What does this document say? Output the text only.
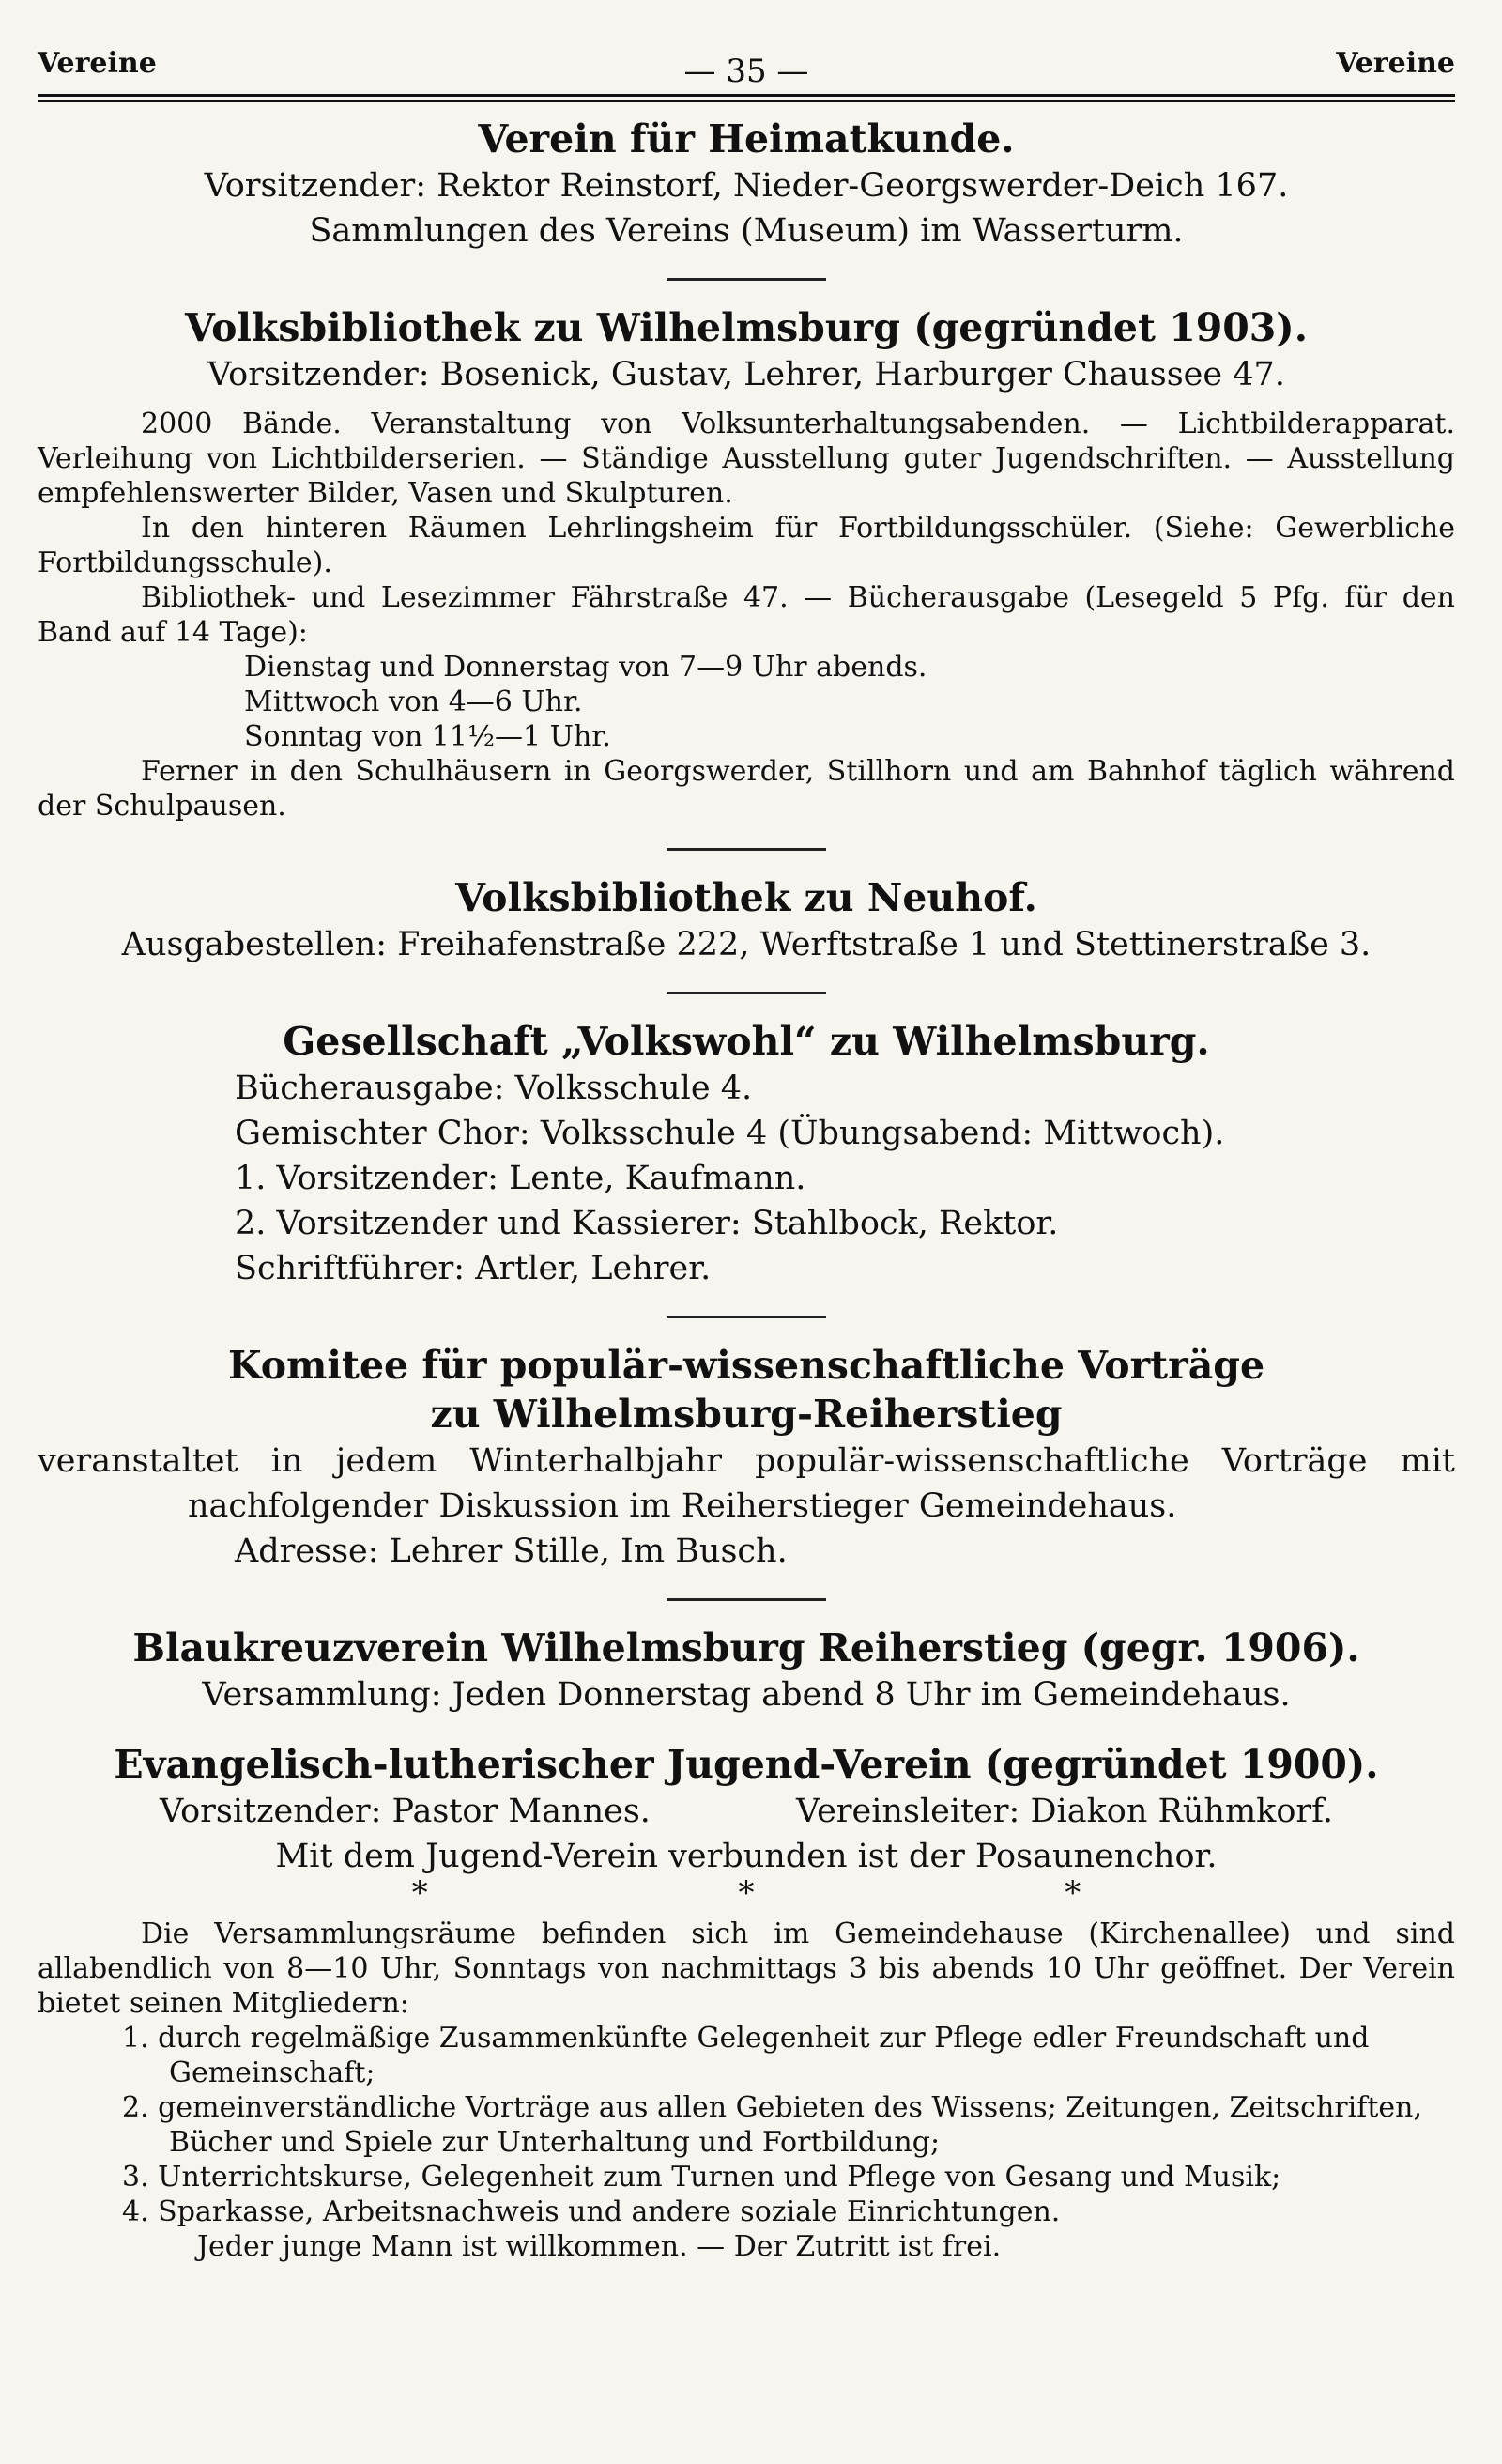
Vereine	— 35 —	Vereine
Verein für Heimatkunde.
Vorsitzender: Rektor Reinstorf, Nieder-Georgswerder-Deich 167.
Sammlungen des Vereins (Museum) im Wasserturm.
Volksbibliothek zu Wilhelmsburg (gegründet 1903).
Vorsitzender: Bosenick, Gustav, Lehrer, Harburger Chaussee 47.
2000 Bände. Veranstaltung von Volksunterhaltungsabenden. — Lichtbilderapparat. Verleihung von Lichtbilderserien. — Ständige Ausstellung guter Jugendschriften. — Ausstellung empfehlenswerter Bilder, Vasen und Skulpturen.
In den hinteren Räumen Lehrlingsheim für Fortbildungsschüler. (Siehe: Gewerbliche Fortbildungsschule).
Bibliothek- und Lesezimmer Fährstraße 47. — Bücherausgabe (Lesegeld 5 Pfg. für den Band auf 14 Tage):
Dienstag und Donnerstag von 7—9 Uhr abends.
Mittwoch von 4—6 Uhr.
Sonntag von 11½—1 Uhr.
Ferner in den Schulhäusern in Georgswerder, Stillhorn und am Bahnhof täglich während der Schulpausen.
Volksbibliothek zu Neuhof.
Ausgabestellen: Freihafenstraße 222, Werftstraße 1 und Stettinerstraße 3.
Gesellschaft „Volkswohl“ zu Wilhelmsburg.
Bücherausgabe: Volksschule 4.
Gemischter Chor: Volksschule 4 (Übungsabend: Mittwoch).
1. Vorsitzender: Lente, Kaufmann.
2. Vorsitzender und Kassierer: Stahlbock, Rektor.
Schriftführer: Artler, Lehrer.
Komitee für populär-wissenschaftliche Vorträge
zu Wilhelmsburg-Reiherstieg
veranstaltet in jedem Winterhalbjahr populär-wissenschaftliche Vorträge mit nachfolgender Diskussion im Reiherstieger Gemeindehaus.
Adresse: Lehrer Stille, Im Busch.
Blaukreuzverein Wilhelmsburg Reiherstieg (gegr. 1906).
Versammlung: Jeden Donnerstag abend 8 Uhr im Gemeindehaus.
Evangelisch-lutherischer Jugend-Verein (gegründet 1900).
Vorsitzender: Pastor Mannes.	Vereinsleiter: Diakon Rühmkorf.
Mit dem Jugend-Verein verbunden ist der Posaunenchor.
* * *
Die Versammlungsräume befinden sich im Gemeindehause (Kirchenallee) und sind allabendlich von 8—10 Uhr, Sonntags von nachmittags 3 bis abends 10 Uhr geöffnet. Der Verein bietet seinen Mitgliedern:
1. durch regelmäßige Zusammenkünfte Gelegenheit zur Pflege edler Freundschaft und Gemeinschaft;
2. gemeinverständliche Vorträge aus allen Gebieten des Wissens; Zeitungen, Zeitschriften, Bücher und Spiele zur Unterhaltung und Fortbildung;
3. Unterrichtskurse, Gelegenheit zum Turnen und Pflege von Gesang und Musik;
4. Sparkasse, Arbeitsnachweis und andere soziale Einrichtungen.
Jeder junge Mann ist willkommen. — Der Zutritt ist frei.
